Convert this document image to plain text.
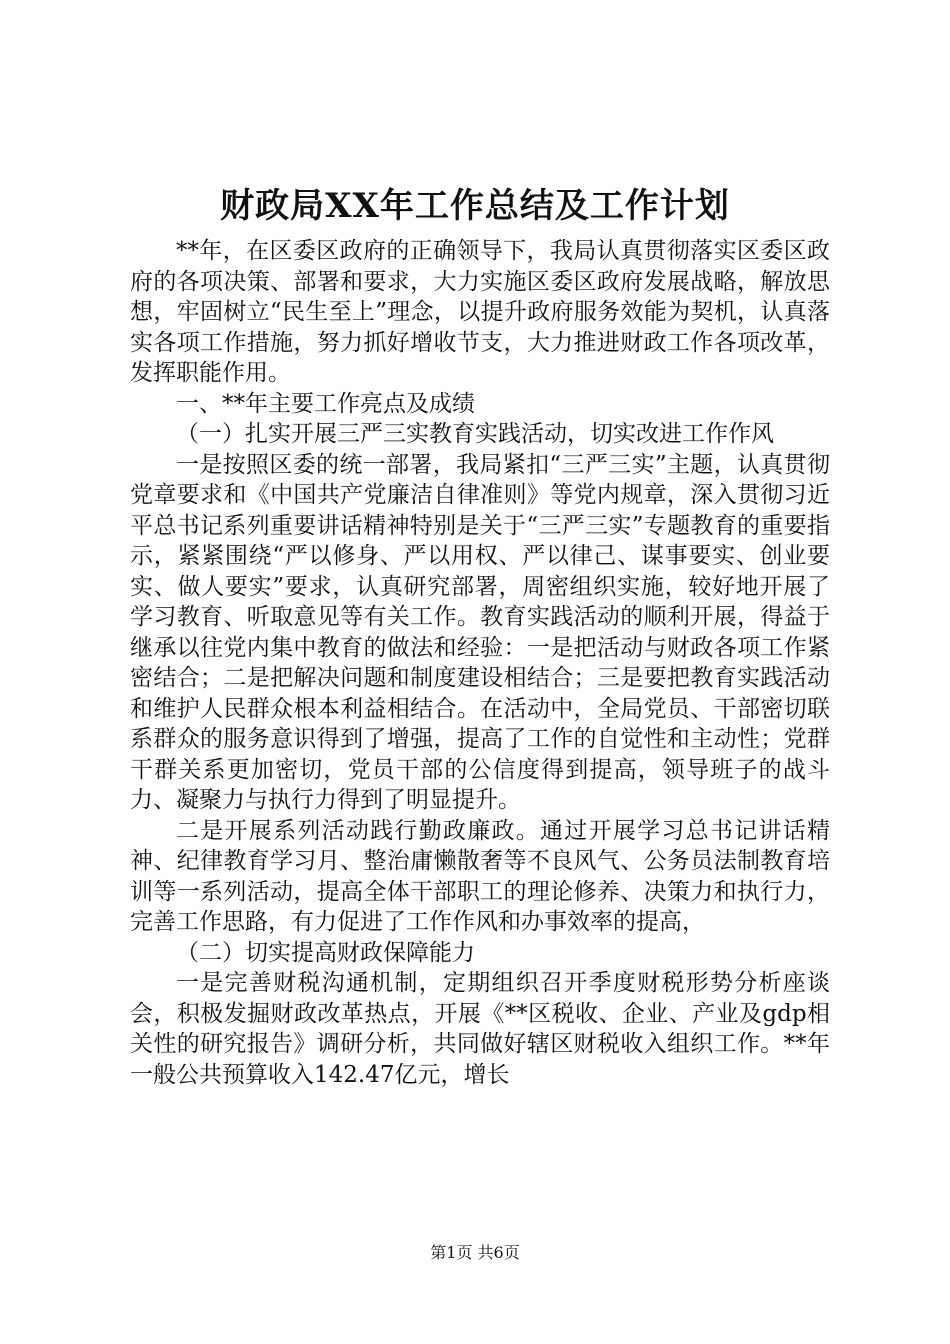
财政局XX年工作总结及工作计划

**年，在区委区政府的正确领导下，我局认真贯彻落实区委区政府的各项决策、部署和要求，大力实施区委区政府发展战略，解放思想，牢固树立“民生至上”理念，以提升政府服务效能为契机，认真落实各项工作措施，努力抓好增收节支，大力推进财政工作各项改革，发挥职能作用。

一、**年主要工作亮点及成绩

（一）扎实开展三严三实教育实践活动，切实改进工作作风

一是按照区委的统一部署，我局紧扣“三严三实”主题，认真贯彻党章要求和《中国共产党廉洁自律准则》等党内规章，深入贯彻习近平总书记系列重要讲话精神特别是关于“三严三实”专题教育的重要指示，紧紧围绕“严以修身、严以用权、严以律己、谋事要实、创业要实、做人要实”要求，认真研究部署，周密组织实施，较好地开展了学习教育、听取意见等有关工作。教育实践活动的顺利开展，得益于继承以往党内集中教育的做法和经验：一是把活动与财政各项工作紧密结合；二是把解决问题和制度建设相结合；三是要把教育实践活动和维护人民群众根本利益相结合。在活动中，全局党员、干部密切联系群众的服务意识得到了增强，提高了工作的自觉性和主动性；党群干群关系更加密切，党员干部的公信度得到提高，领导班子的战斗力、凝聚力与执行力得到了明显提升。

二是开展系列活动践行勤政廉政。通过开展学习总书记讲话精神、纪律教育学习月、整治庸懒散奢等不良风气、公务员法制教育培训等一系列活动，提高全体干部职工的理论修养、决策力和执行力，完善工作思路，有力促进了工作作风和办事效率的提高，

（二）切实提高财政保障能力

一是完善财税沟通机制，定期组织召开季度财税形势分析座谈会，积极发掘财政改革热点，开展《**区税收、企业、产业及gdp相关性的研究报告》调研分析，共同做好辖区财税收入组织工作。**年一般公共预算收入142.47亿元，增长

第1页 共6页
